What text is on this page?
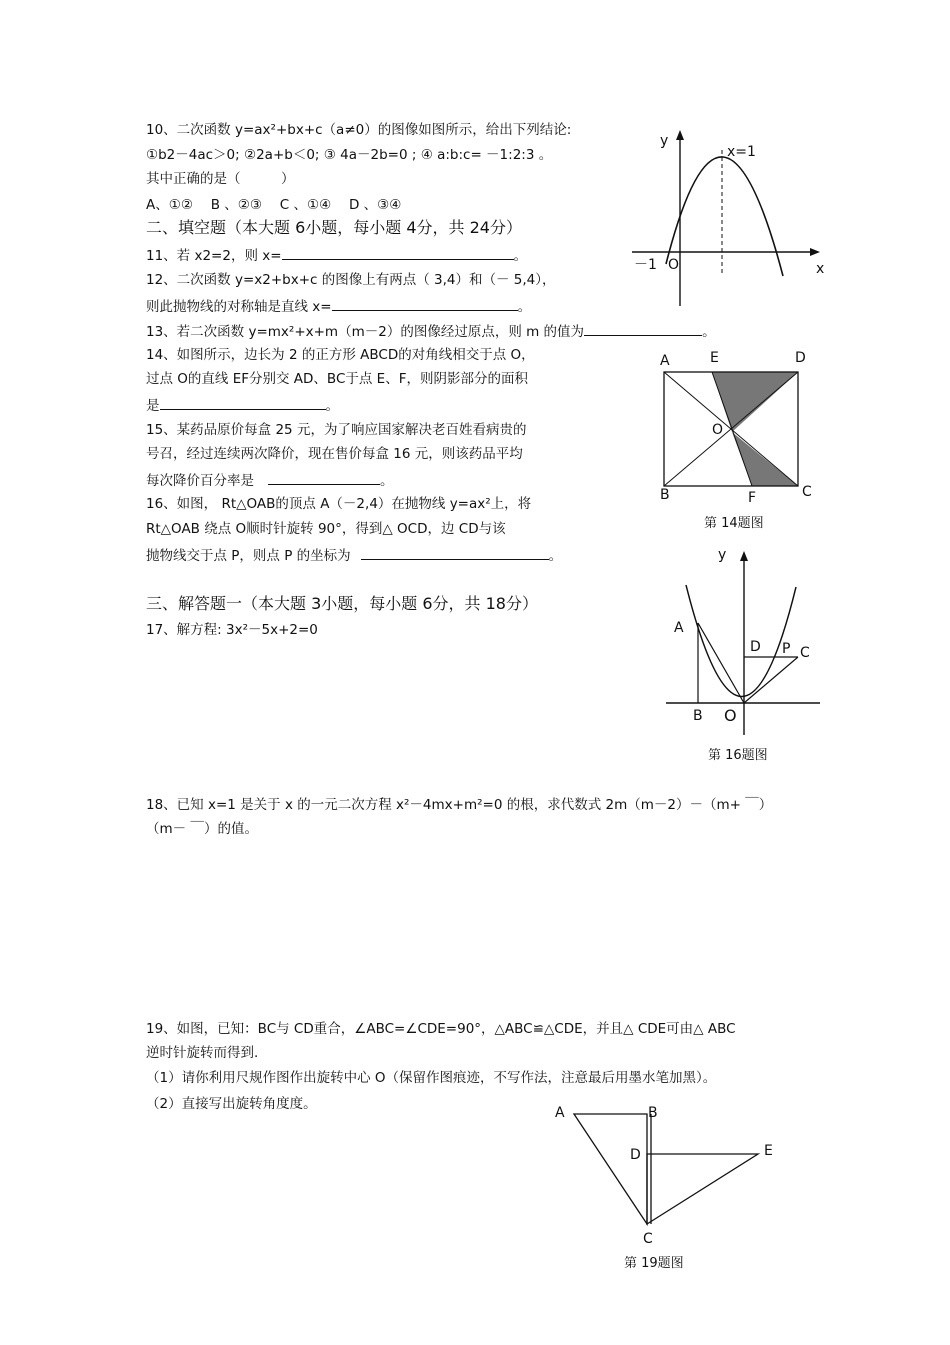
10、二次函数 y=ax²+bx+c（a≠0）的图像如图所示，给出下列结论:
①b2－4ac＞0; ②2a+b＜0; ③ 4a－2b=0 ; ④ a:b:c= －1:2:3 。
其中正确的是（　　　）
A、①②　 B 、②③　 C 、①④　 D 、③④
y
x
x=1
－1 O
二、填空题（本大题 6小题，每小题 4分，共 24分）
11、若 x2=2，则 x=	。
12、二次函数 y=x2+bx+c 的图像上有两点（ 3,4）和（－ 5,4），
则此抛物线的对称轴是直线 x=	。
13、若二次函数 y=mx²+x+m（m－2）的图像经过原点，则 m 的值为	。
14、如图所示，边长为 2 的正方形 ABCD的对角线相交于点 O，
过点 O的直线 EF分别交 AD、BC于点 E、F，则阴影部分的面积
是	。
A	E	D
O
B	F	C
第 14题图
15、某药品原价每盒 25 元，为了响应国家解决老百姓看病贵的
号召，经过连续两次降价，现在售价每盒 16 元，则该药品平均
每次降价百分率是	。
16、如图， Rt△OAB的顶点 A（－2,4）在抛物线 y=ax²上，将
Rt△OAB 绕点 O顺时针旋转 90°，得到△ OCD，边 CD与该
抛物线交于点 P，则点 P 的坐标为	。	y
A
D P C
B O
第 16题图
三、解答题一（本大题 3小题，每小题 6分，共 18分）
17、解方程: 3x²－5x+2=0
18、已知 x=1 是关于 x 的一元二次方程 x²－4mx+m²=0 的根，求代数式 2m（m－2）－（m+ ￣）
（m－ ￣）的值。
19、如图，已知：BC与 CD重合，∠ABC=∠CDE=90°，△ABC≌△CDE，并且△ CDE可由△ ABC
逆时针旋转而得到.
（1）请你利用尺规作图作出旋转中心 O（保留作图痕迹，不写作法，注意最后用墨水笔加黑）。
（2）直接写出旋转角度度。
A	B
D	E
C
第 19题图
